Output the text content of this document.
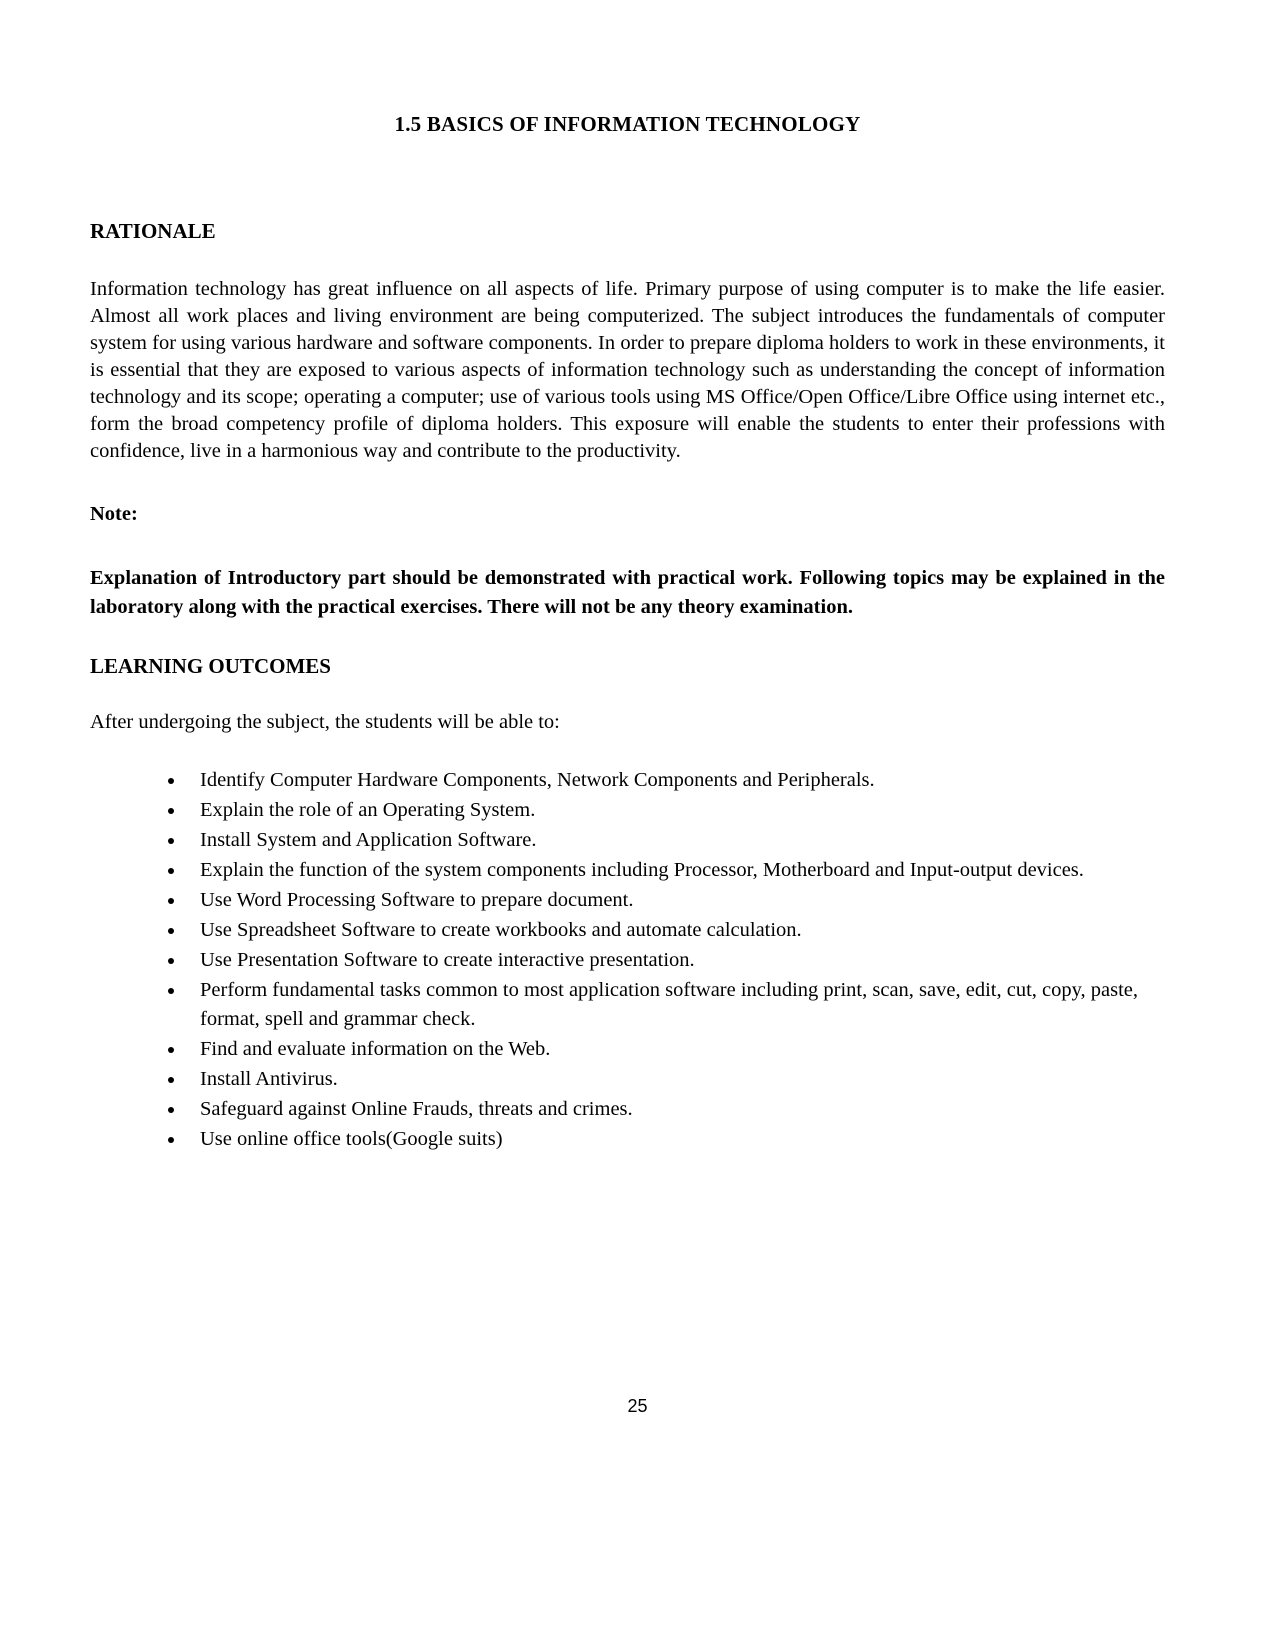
1.5 BASICS OF INFORMATION TECHNOLOGY
RATIONALE

Information technology has great influence on all aspects of life. Primary purpose of using computer is to make the life easier. Almost all work places and living environment are being computerized. The subject introduces the fundamentals of computer system for using various hardware and software components. In order to prepare diploma holders to work in these environments, it is essential that they are exposed to various aspects of information technology such as understanding the concept of information technology and its scope; operating a computer; use of various tools using MS Office/Open Office/Libre Office using internet etc., form the broad competency profile of diploma holders. This exposure will enable the students to enter their professions with confidence, live in a harmonious way and contribute to the productivity.

Note:

Explanation of Introductory part should be demonstrated with practical work. Following topics may be explained in the laboratory along with the practical exercises. There will not be any theory examination.

LEARNING OUTCOMES

After undergoing the subject, the students will be able to:

• Identify Computer Hardware Components, Network Components and Peripherals.
• Explain the role of an Operating System.
• Install System and Application Software.
• Explain the function of the system components including Processor, Motherboard and Input-output devices.
• Use Word Processing Software to prepare document.
• Use Spreadsheet Software to create workbooks and automate calculation.
• Use Presentation Software to create interactive presentation.
• Perform fundamental tasks common to most application software including print, scan, save, edit, cut, copy, paste, format, spell and grammar check.
• Find and evaluate information on the Web.
• Install Antivirus.
• Safeguard against Online Frauds, threats and crimes.
• Use online office tools(Google suits)
25
